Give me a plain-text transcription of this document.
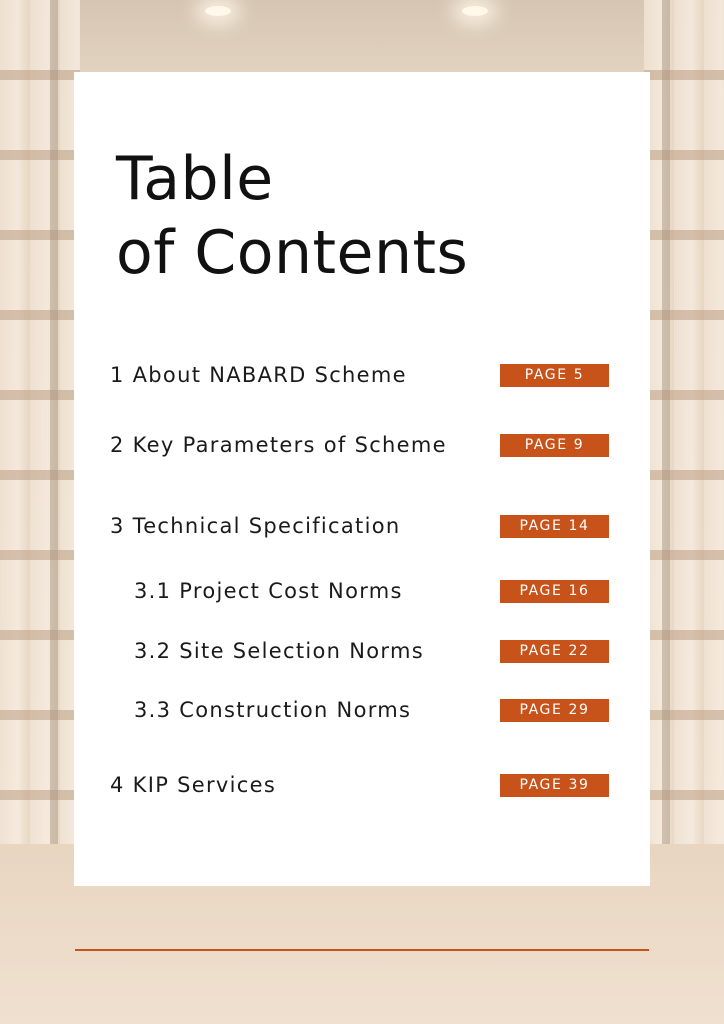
Table
of Contents
1 About NABARD Scheme	PAGE 5
2 Key Parameters of Scheme	PAGE 9
3 Technical Specification	PAGE 14
3.1 Project Cost Norms	PAGE 16
3.2 Site Selection Norms	PAGE 22
3.3 Construction Norms	PAGE 29
4 KIP Services	PAGE 39
